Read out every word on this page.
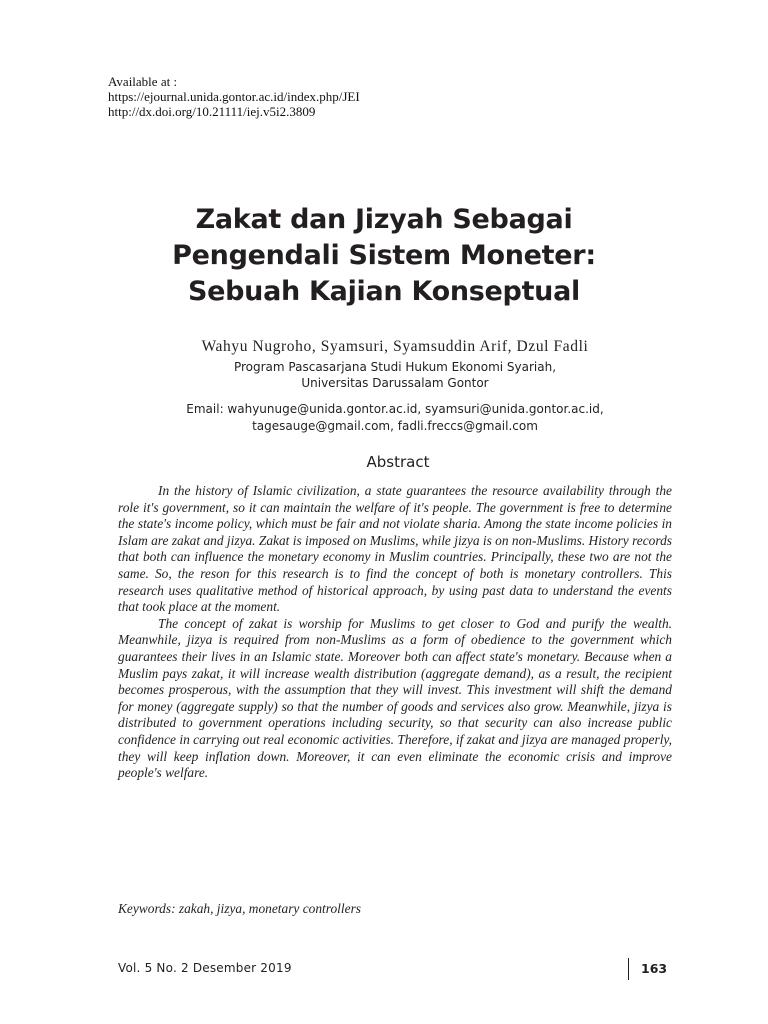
Available at :
https://ejournal.unida.gontor.ac.id/index.php/JEI
http://dx.doi.org/10.21111/iej.v5i2.3809
Zakat dan Jizyah Sebagai
Pengendali Sistem Moneter:
Sebuah Kajian Konseptual
Wahyu Nugroho, Syamsuri, Syamsuddin Arif, Dzul Fadli
Program Pascasarjana Studi Hukum Ekonomi Syariah,
Universitas Darussalam Gontor
Email: wahyunuge@unida.gontor.ac.id, syamsuri@unida.gontor.ac.id,
tagesauge@gmail.com, fadli.freccs@gmail.com
Abstract

In the history of Islamic civilization, a state guarantees the resource availability through the role it's government, so it can maintain the welfare of it's people. The government is free to determine the state's income policy, which must be fair and not violate sharia. Among the state income policies in Islam are zakat and jizya. Zakat is imposed on Muslims, while jizya is on non-Muslims. History records that both can influence the monetary economy in Muslim countries. Principally, these two are not the same. So, the reson for this research is to find the concept of both is monetary controllers. This research uses qualitative method of historical approach, by using past data to understand the events that took place at the moment.

The concept of zakat is worship for Muslims to get closer to God and purify the wealth. Meanwhile, jizya is required from non-Muslims as a form of obedience to the government which guarantees their lives in an Islamic state. Moreover both can affect state's monetary. Because when a Muslim pays zakat, it will increase wealth distribution (aggregate demand), as a result, the recipient becomes prosperous, with the assumption that they will invest. This investment will shift the demand for money (aggregate supply) so that the number of goods and services also grow. Meanwhile, jizya is distributed to government operations including security, so that security can also increase public confidence in carrying out real economic activities. Therefore, if zakat and jizya are managed properly, they will keep inflation down. Moreover, it can even eliminate the economic crisis and improve people's welfare.

Keywords: zakah, jizya, monetary controllers
Vol. 5 No. 2 Desember 2019	163
